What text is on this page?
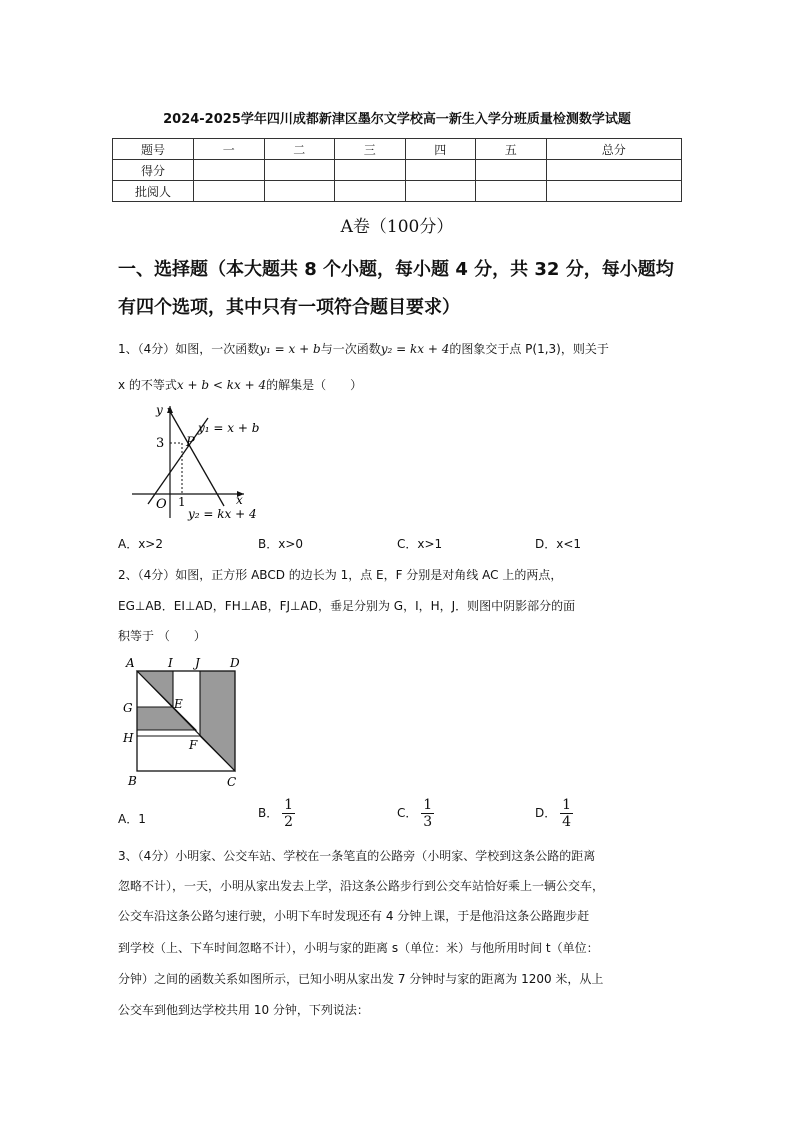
2024-2025学年四川成都新津区墨尔文学校高一新生入学分班质量检测数学试题
题号	一	二	三	四	五	总分
得分						
批阅人						
A卷（100分）
一、选择题（本大题共 8 个小题，每小题 4 分，共 32 分，每小题均
有四个选项，其中只有一项符合题目要求）
1、（4分）如图，一次函数y₁ = x + b与一次函数y₂ = kx + 4的图象交于点 P(1,3)，则关于
x 的不等式x + b < kx + 4的解集是（　　）
y
x
O 1
3 P
y₁ = x + b
y₂ = kx + 4
A．x>2	B．x>0	C．x>1	D．x<1
2、（4分）如图，正方形 ABCD 的边长为 1，点 E，F 分别是对角线 AC 上的两点，
EG⊥AB．EI⊥AD，FH⊥AB，FJ⊥AD，垂足分别为 G，I，H，J．则图中阴影部分的面
积等于 （　　）
A	I J	D
G	E
H	F
B	C
A．1	B． $\frac{1}{2}$	C． $\frac{1}{3}$	D． $\frac{1}{4}$
3、（4分）小明家、公交车站、学校在一条笔直的公路旁（小明家、学校到这条公路的距离
忽略不计），一天，小明从家出发去上学，沿这条公路步行到公交车站恰好乘上一辆公交车，
公交车沿这条公路匀速行驶，小明下车时发现还有 4 分钟上课，于是他沿这条公路跑步赶
到学校（上、下车时间忽略不计），小明与家的距离 s（单位：米）与他所用时间 t（单位：
分钟）之间的函数关系如图所示，已知小明从家出发 7 分钟时与家的距离为 1200 米，从上
公交车到他到达学校共用 10 分钟，下列说法：
